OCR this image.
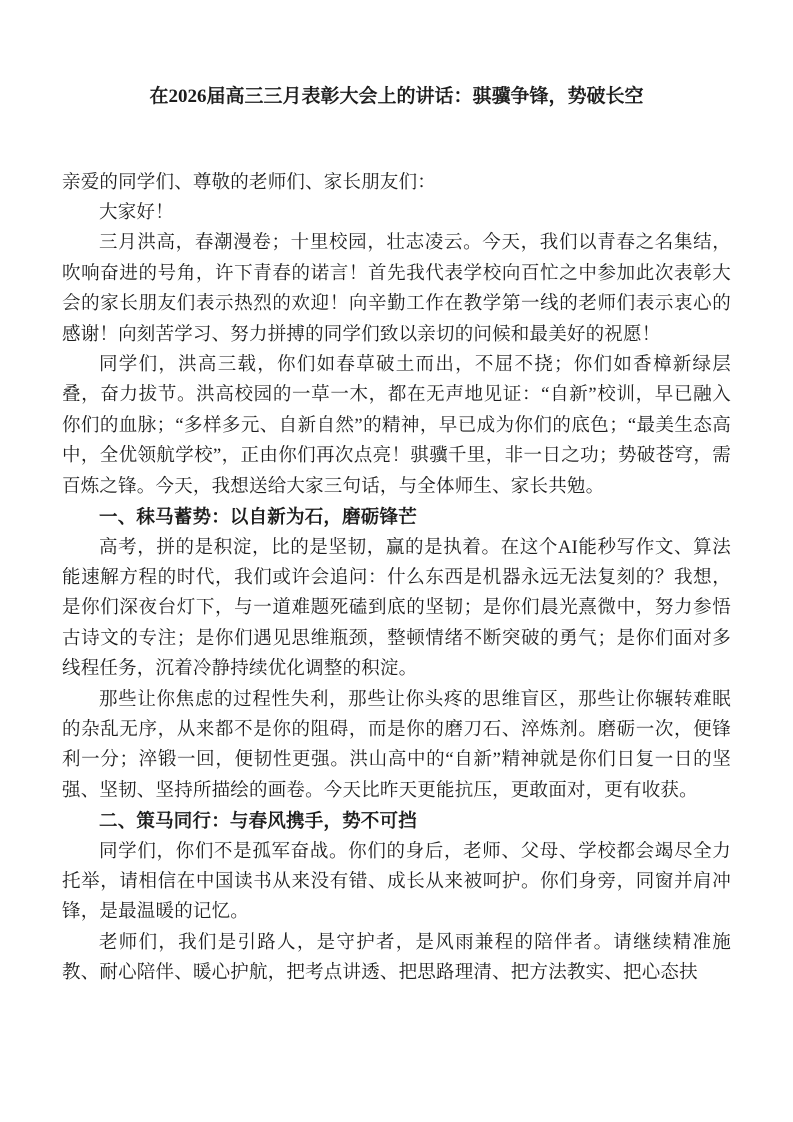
在2026届高三三月表彰大会上的讲话：骐骥争锋，势破长空

亲爱的同学们、尊敬的老师们、家长朋友们：

大家好！

三月洪高，春潮漫卷；十里校园，壮志凌云。今天，我们以青春之名集结，吹响奋进的号角，许下青春的诺言！首先我代表学校向百忙之中参加此次表彰大会的家长朋友们表示热烈的欢迎！向辛勤工作在教学第一线的老师们表示衷心的感谢！向刻苦学习、努力拼搏的同学们致以亲切的问候和最美好的祝愿！

同学们，洪高三载，你们如春草破土而出，不屈不挠；你们如香樟新绿层叠，奋力拔节。洪高校园的一草一木，都在无声地见证：“自新”校训，早已融入你们的血脉；“多样多元、自新自然”的精神，早已成为你们的底色；“最美生态高中，全优领航学校”，正由你们再次点亮！骐骥千里，非一日之功；势破苍穹，需百炼之锋。今天，我想送给大家三句话，与全体师生、家长共勉。

一、秣马蓄势：以自新为石，磨砺锋芒

高考，拼的是积淀，比的是坚韧，赢的是执着。在这个AI能秒写作文、算法能速解方程的时代，我们或许会追问：什么东西是机器永远无法复刻的？我想，是你们深夜台灯下，与一道难题死磕到底的坚韧；是你们晨光熹微中，努力参悟古诗文的专注；是你们遇见思维瓶颈，整顿情绪不断突破的勇气；是你们面对多线程任务，沉着冷静持续优化调整的积淀。

那些让你焦虑的过程性失利，那些让你头疼的思维盲区，那些让你辗转难眠的杂乱无序，从来都不是你的阻碍，而是你的磨刀石、淬炼剂。磨砺一次，便锋利一分；淬锻一回，便韧性更强。洪山高中的“自新”精神就是你们日复一日的坚强、坚韧、坚持所描绘的画卷。今天比昨天更能抗压，更敢面对，更有收获。

二、策马同行：与春风携手，势不可挡

同学们，你们不是孤军奋战。你们的身后，老师、父母、学校都会竭尽全力托举，请相信在中国读书从来没有错、成长从来被呵护。你们身旁，同窗并肩冲锋，是最温暖的记忆。

老师们，我们是引路人，是守护者，是风雨兼程的陪伴者。请继续精准施教、耐心陪伴、暖心护航，把考点讲透、把思路理清、把方法教实、把心态扶
